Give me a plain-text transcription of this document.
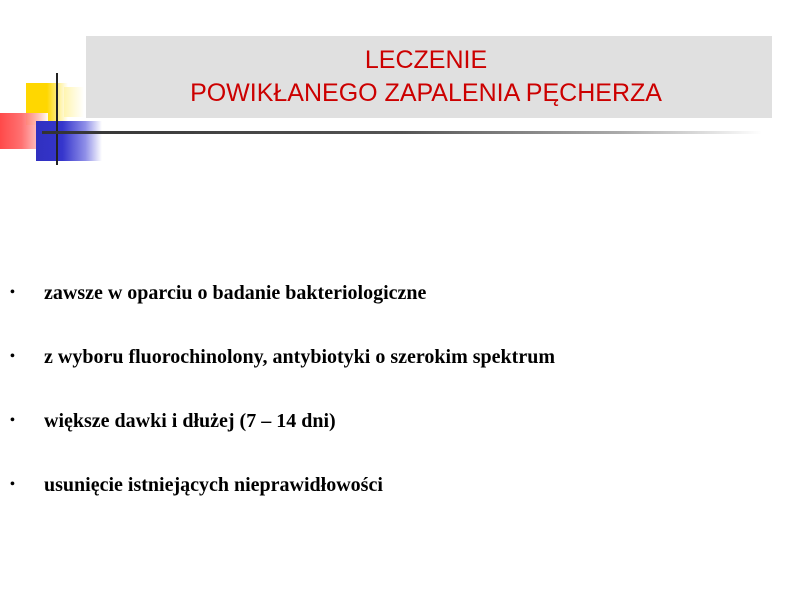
LECZENIE
POWIKŁANEGO ZAPALENIA PĘCHERZA
• zawsze w oparciu o badanie bakteriologiczne
• z wyboru fluorochinolony, antybiotyki o szerokim spektrum
• większe dawki i dłużej (7 – 14 dni)
• usunięcie istniejących nieprawidłowości
